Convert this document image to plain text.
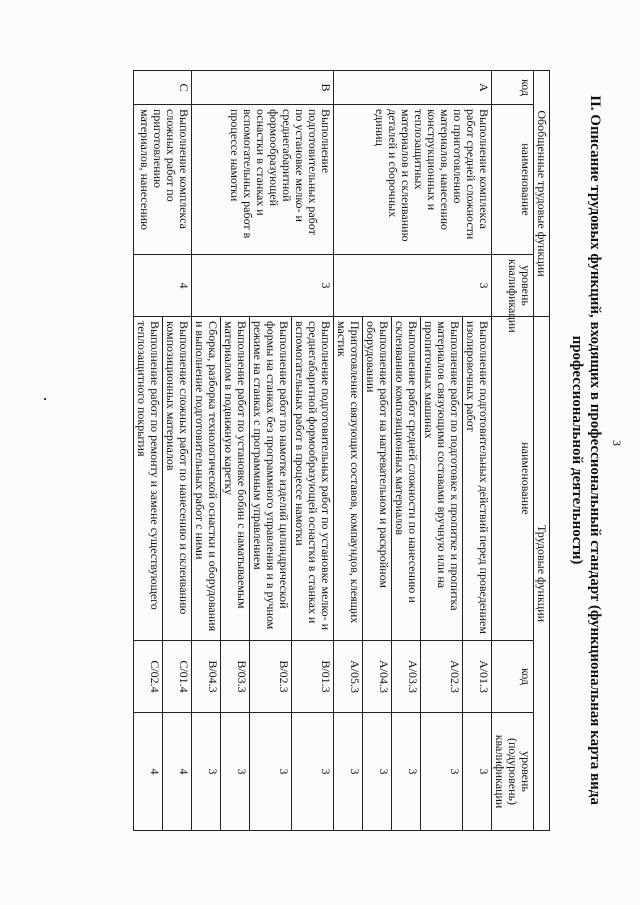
3
II. Описание трудовых функций, входящих в профессиональный стандарт (функциональная карта вида
профессиональной деятельности)
Обобщенные трудовые функции			Трудовые функции		
код	наименование	уровень квалификации	наименование	код	уровень (подуровень) квалификации
A	Выполнение комплекса работ средней сложности по приготовлению материалов, нанесению конструкционных и теплозащитных материалов и склеиванию деталей и сборочных единиц	3	Выполнение подготовительных действий перед проведением изолировочных работ	A/01.3	3
			Выполнение работ по подготовке к пропитке и пропитка материалов связующими составами вручную или на пропиточных машинах	A/02.3	3
			Выполнение работ средней сложности по нанесению и склеиванию композиционных материалов	A/03.3	3
			Выполнение работ на нагревательном и раскройном оборудовании	A/04.3	3
			Приготовление связующих составов, компаундов, клеящих мастик	A/05.3	3
B	Выполнение подготовительных работ по установке мелко- и среднегабаритной формообразующей оснастки в станках и вспомогательных работ в процессе намотки	3	Выполнение подготовительных работ по установке мелко- и среднегабаритной формообразующей оснастки в станках и вспомогательных работ в процессе намотки	B/01.3	3
			Выполнение работ по намотке изделий цилиндрической формы на станках без программного управления и в ручном режиме на станках с программным управлением	B/02.3	3
			Выполнение работ по установке бобин с наматываемым материалом в подвижную каретку	B/03.3	3
			Сборка, разборка технологической оснастки и оборудования и выполнение подготовительных работ с ними	B/04.3	3
C	Выполнение комплекса сложных работ по приготовлению материалов, нанесению	4	Выполнение сложных работ по нанесению и склеиванию композиционных материалов	C/01.4	4
			Выполнение работ по ремонту и замене существующего теплозащитного покрытия	C/02.4	4
